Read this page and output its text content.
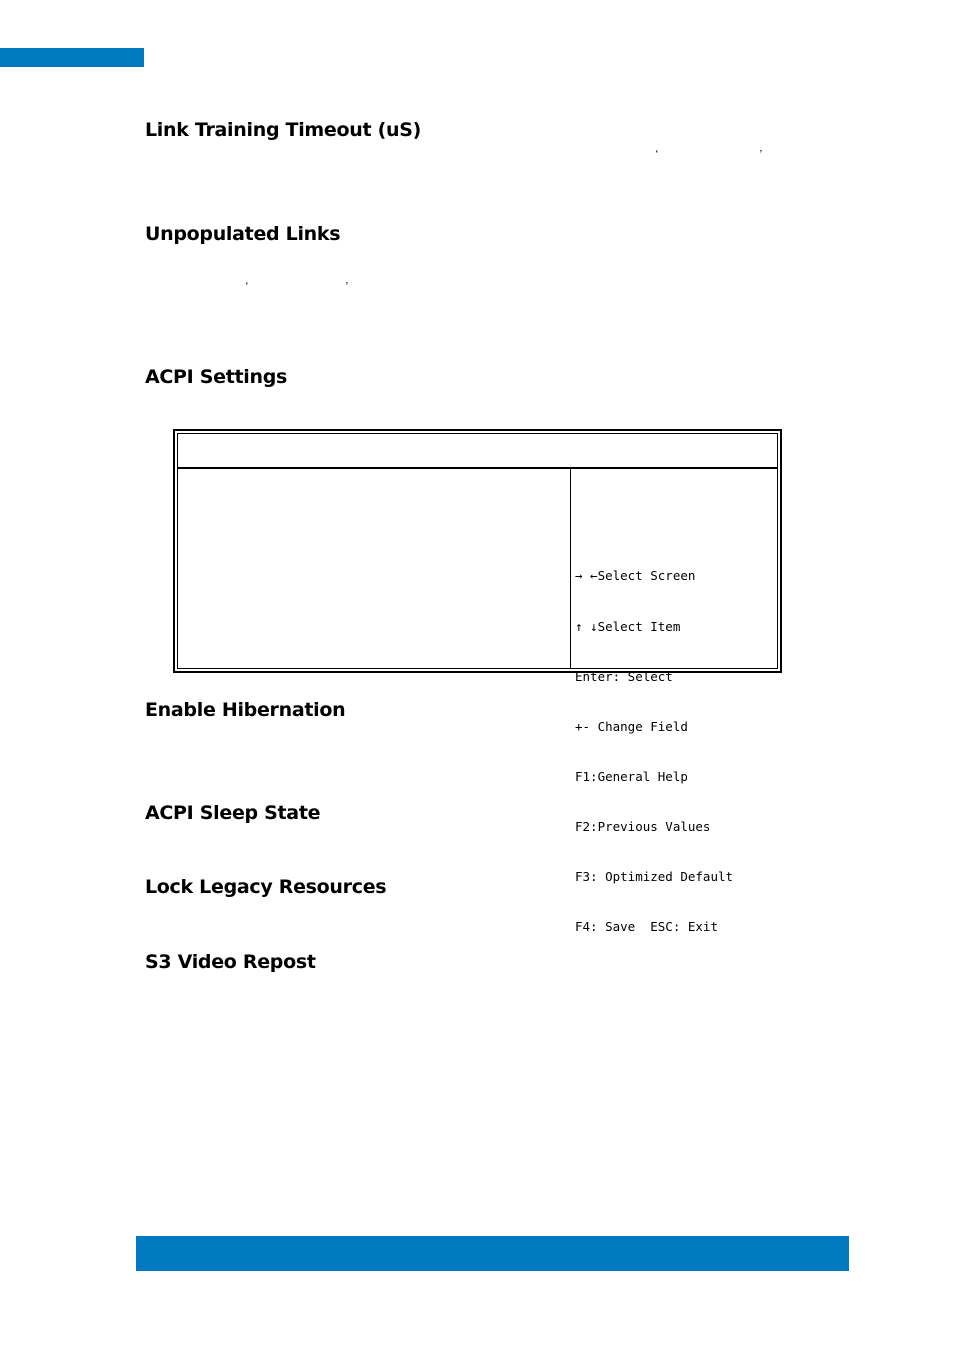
Link Training Timeout (uS)
‘	’
Unpopulated Links
‘	’
ACPI Settings

→ ←Select Screen

↑ ↓Select Item

Enter: Select

+- Change Field

F1:General Help

F2:Previous Values

F3: Optimized Default

F4: Save  ESC: Exit

Enable Hibernation
ACPI Sleep State
Lock Legacy Resources
S3 Video Repost
